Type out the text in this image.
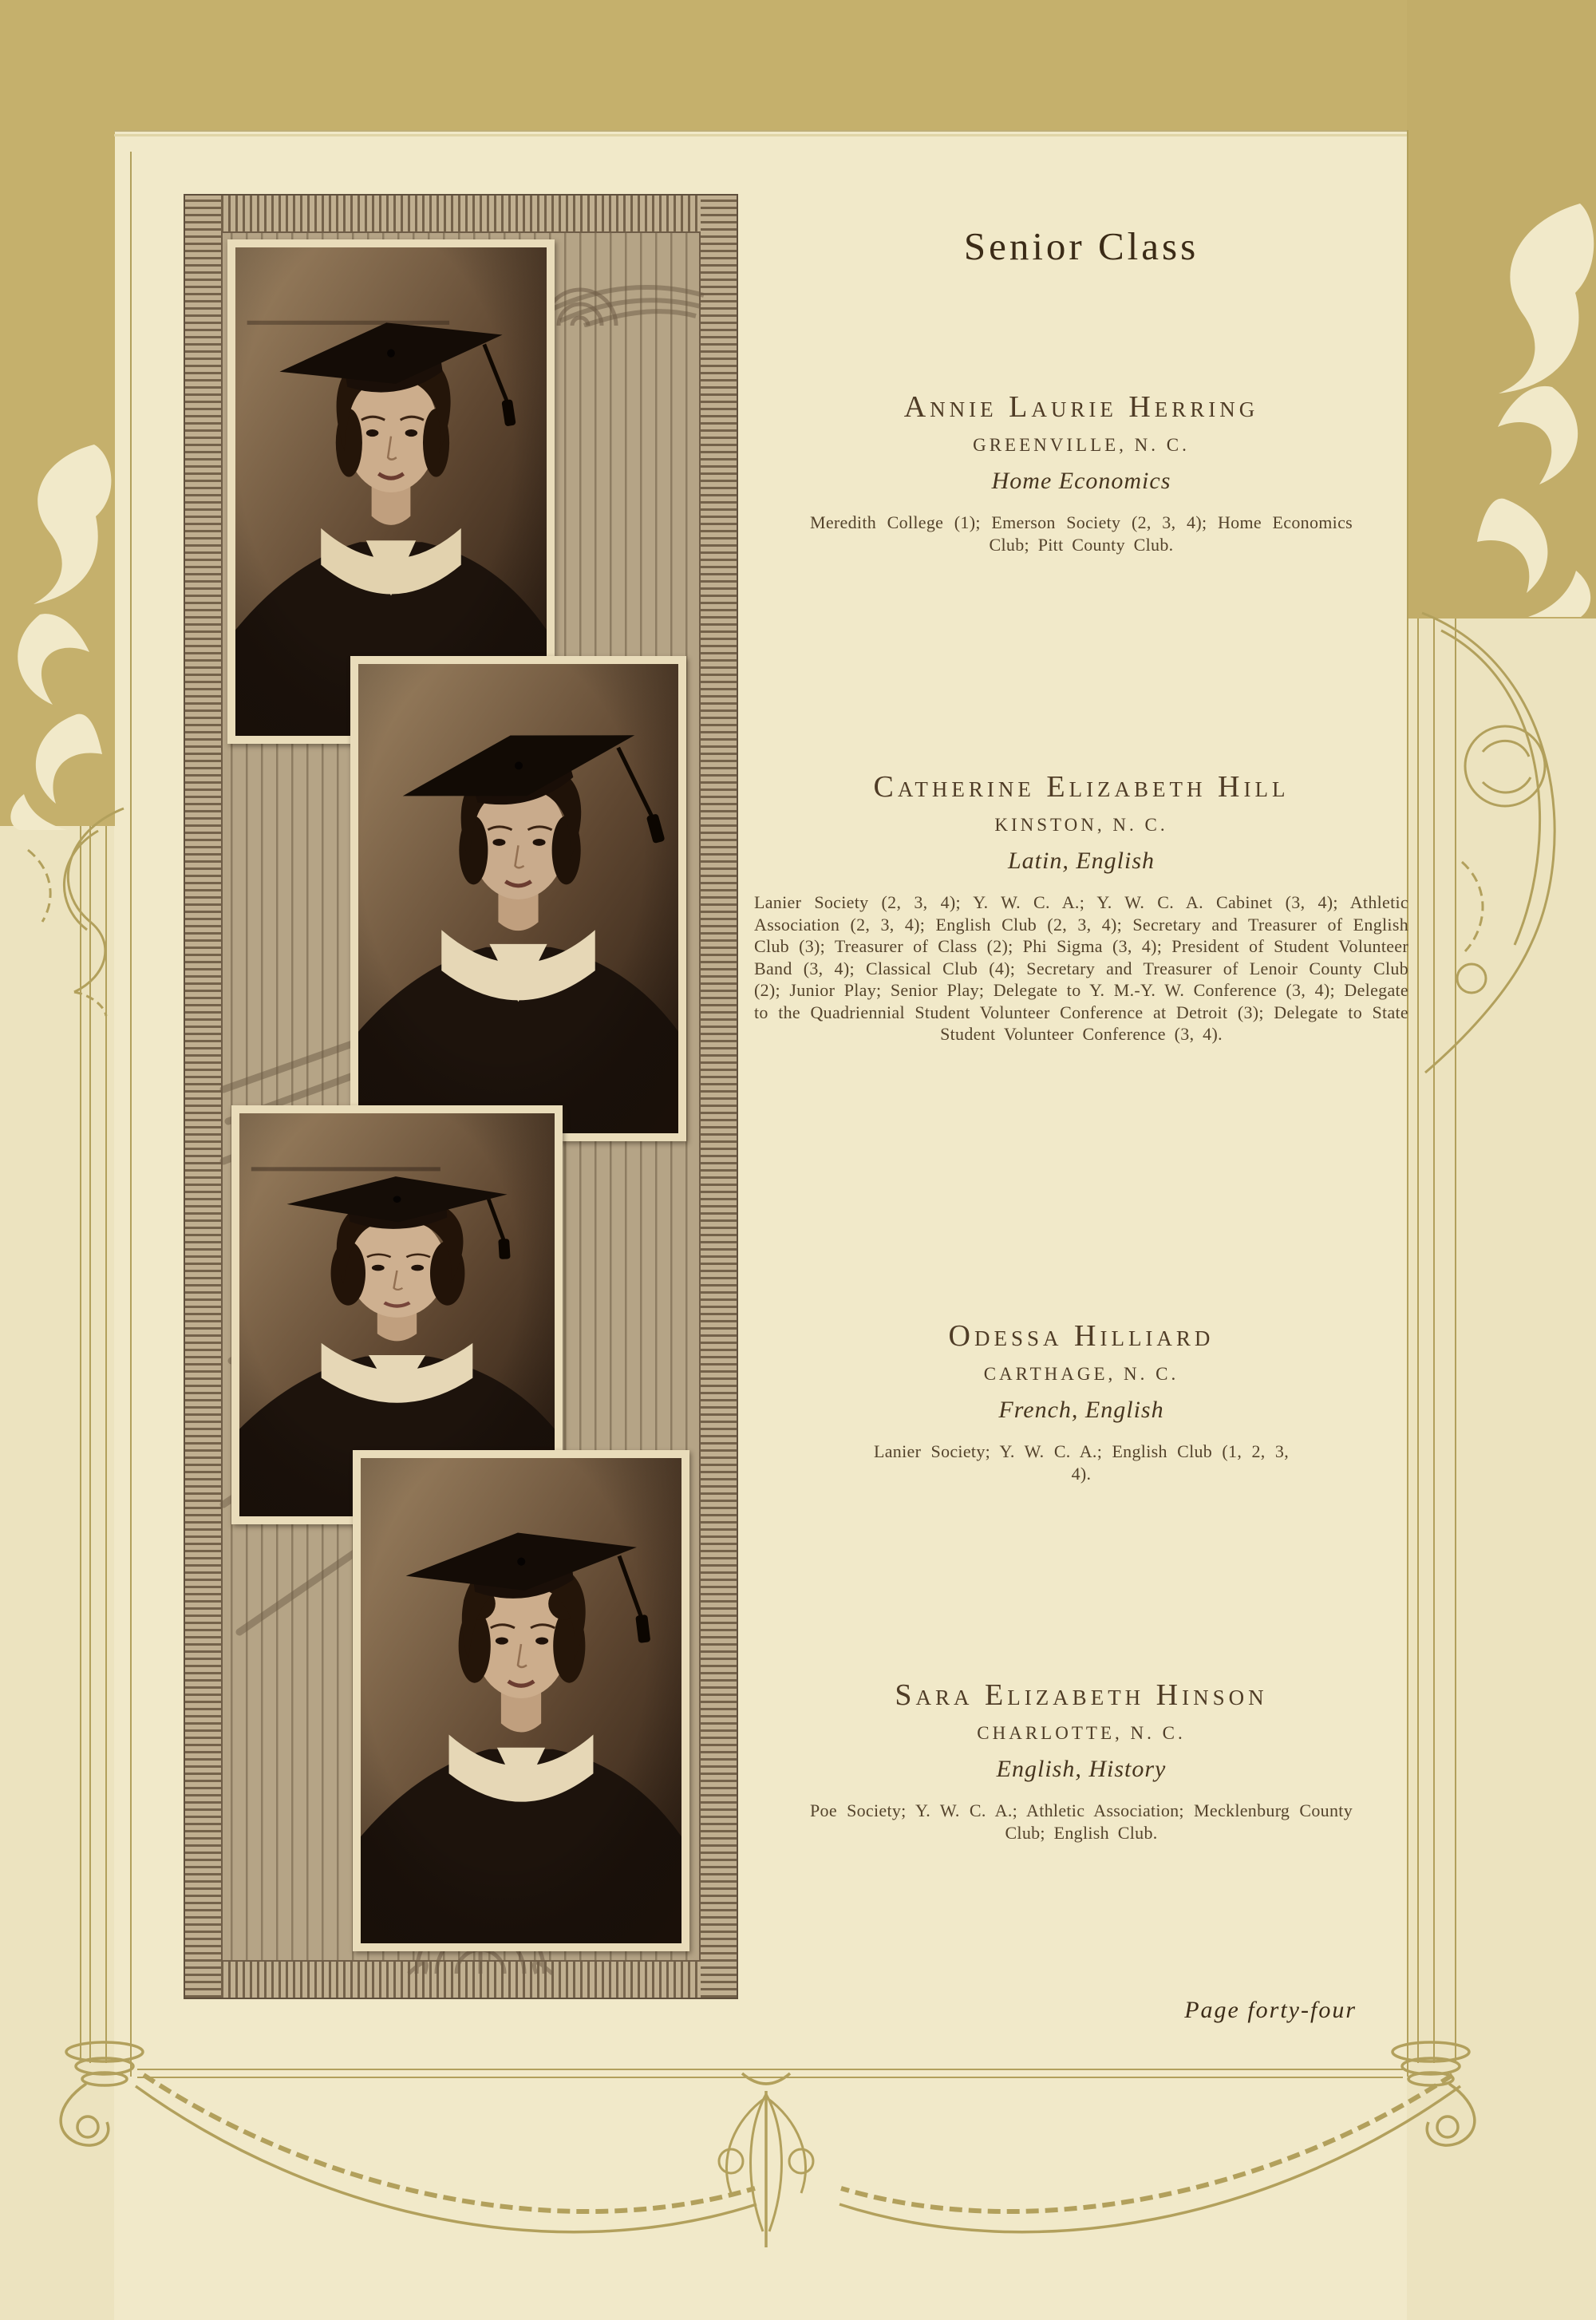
Senior Class
Annie Laurie Herring
GREENVILLE, N. C.
Home Economics
Meredith College (1); Emerson Society (2, 3, 4); Home Economics Club; Pitt County Club.
Catherine Elizabeth Hill
KINSTON, N. C.
Latin, English
Lanier Society (2, 3, 4); Y. W. C. A.; Y. W. C. A. Cabinet (3, 4); Athletic Association (2, 3, 4); English Club (2, 3, 4); Secretary and Treasurer of English Club (3); Treasurer of Class (2); Phi Sigma (3, 4); President of Student Volunteer Band (3, 4); Classical Club (4); Secretary and Treasurer of Lenoir County Club (2); Junior Play; Senior Play; Delegate to Y. M.-Y. W. Conference (3, 4); Delegate to the Quadriennial Student Volunteer Conference at Detroit (3); Delegate to State Student Volunteer Conference (3, 4).
Odessa Hilliard
CARTHAGE, N. C.
French, English
Lanier Society; Y. W. C. A.; English Club (1, 2, 3, 4).
Sara Elizabeth Hinson
CHARLOTTE, N. C.
English, History
Poe Society; Y. W. C. A.; Athletic Association; Mecklenburg County Club; English Club.
Page forty-four
